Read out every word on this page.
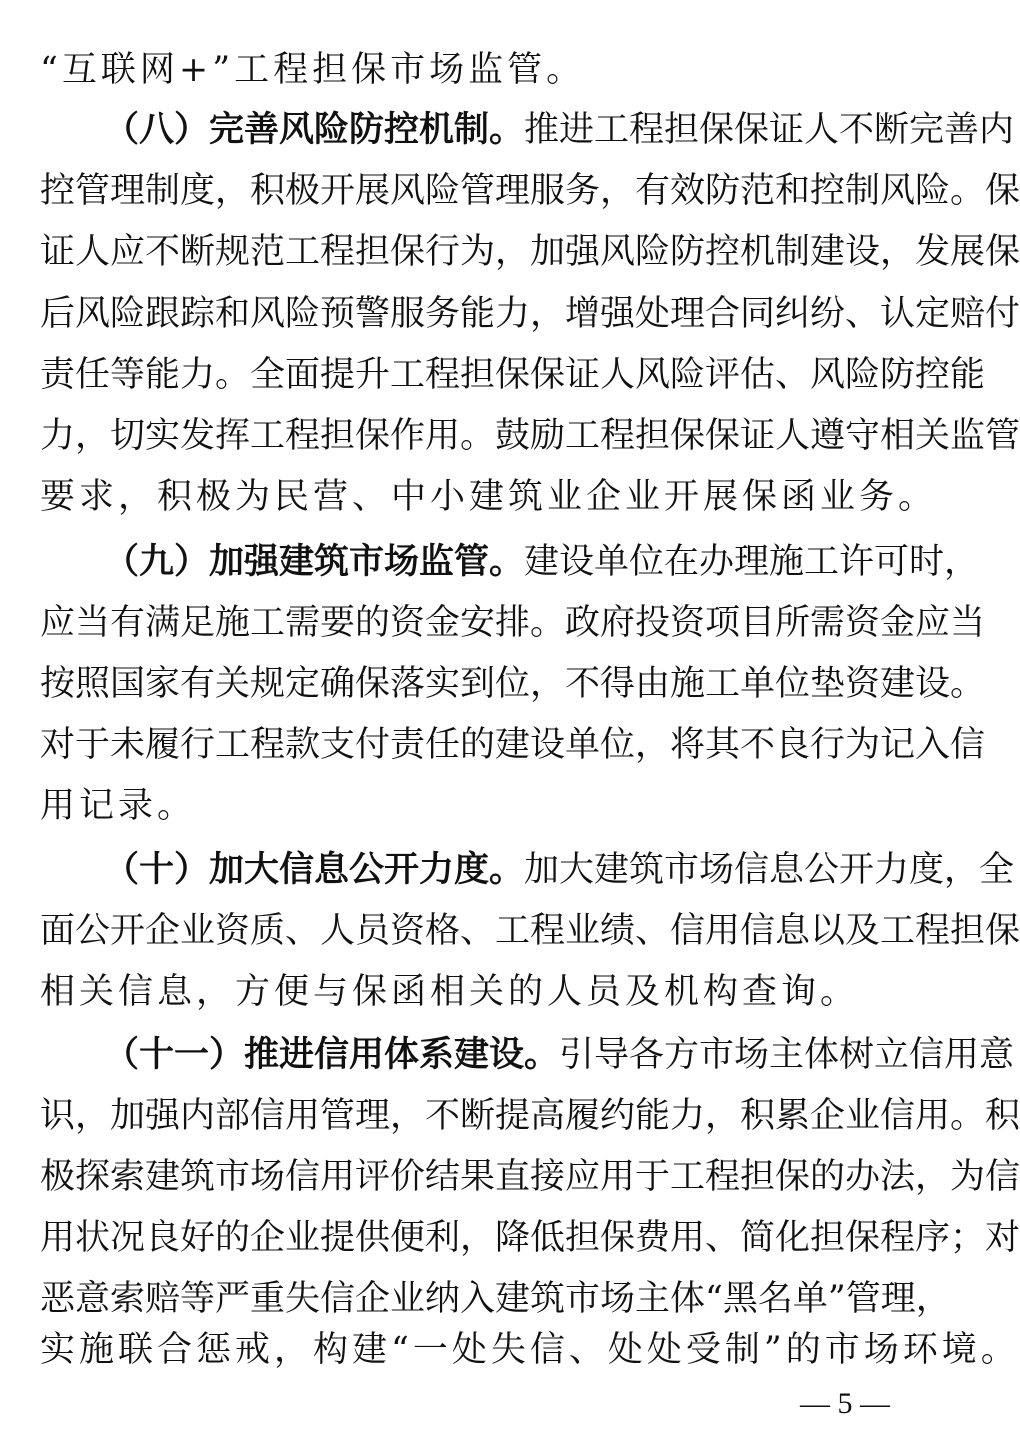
“互联网+”工程担保市场监管。
（八）完善风险防控机制。推进工程担保保证人不断完善内
控管理制度，积极开展风险管理服务，有效防范和控制风险。保
证人应不断规范工程担保行为，加强风险防控机制建设，发展保
后风险跟踪和风险预警服务能力，增强处理合同纠纷、认定赔付
责任等能力。全面提升工程担保保证人风险评估、风险防控能
力，切实发挥工程担保作用。鼓励工程担保保证人遵守相关监管
要求，积极为民营、中小建筑业企业开展保函业务。
（九）加强建筑市场监管。建设单位在办理施工许可时，
应当有满足施工需要的资金安排。政府投资项目所需资金应当
按照国家有关规定确保落实到位，不得由施工单位垫资建设。
对于未履行工程款支付责任的建设单位，将其不良行为记入信
用记录。
（十）加大信息公开力度。加大建筑市场信息公开力度，全
面公开企业资质、人员资格、工程业绩、信用信息以及工程担保
相关信息，方便与保函相关的人员及机构查询。
（十一）推进信用体系建设。引导各方市场主体树立信用意
识，加强内部信用管理，不断提高履约能力，积累企业信用。积
极探索建筑市场信用评价结果直接应用于工程担保的办法，为信
用状况良好的企业提供便利，降低担保费用、简化担保程序；对
恶意索赔等严重失信企业纳入建筑市场主体“黑名单”管理，
实施联合惩戒，构建“一处失信、处处受制”的市场环境。
— 5 —
